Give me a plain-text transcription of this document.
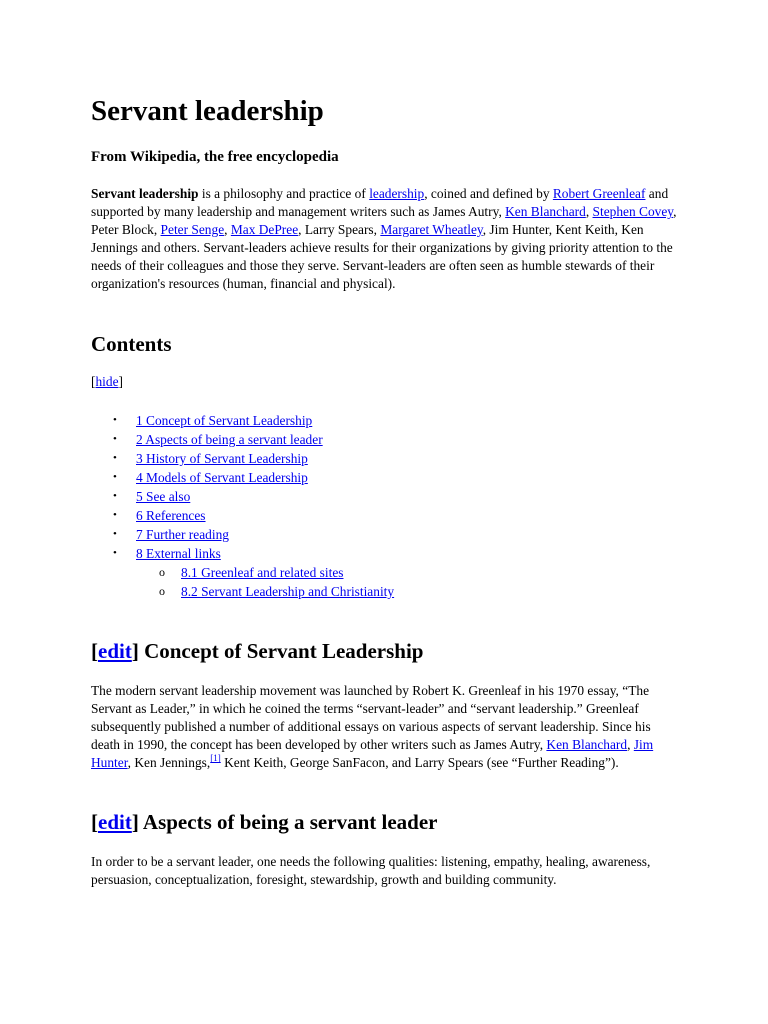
Servant leadership

From Wikipedia, the free encyclopedia

Servant leadership is a philosophy and practice of leadership, coined and defined by Robert Greenleaf and supported by many leadership and management writers such as James Autry, Ken Blanchard, Stephen Covey, Peter Block, Peter Senge, Max DePree, Larry Spears, Margaret Wheatley, Jim Hunter, Kent Keith, Ken Jennings and others. Servant-leaders achieve results for their organizations by giving priority attention to the needs of their colleagues and those they serve. Servant-leaders are often seen as humble stewards of their organization's resources (human, financial and physical).

Contents
[hide]
• 1 Concept of Servant Leadership
• 2 Aspects of being a servant leader
• 3 History of Servant Leadership
• 4 Models of Servant Leadership
• 5 See also
• 6 References
• 7 Further reading
• 8 External links
o 8.1 Greenleaf and related sites
o 8.2 Servant Leadership and Christianity
[edit] Concept of Servant Leadership

The modern servant leadership movement was launched by Robert K. Greenleaf in his 1970 essay, “The Servant as Leader,” in which he coined the terms “servant-leader” and “servant leadership.” Greenleaf subsequently published a number of additional essays on various aspects of servant leadership. Since his death in 1990, the concept has been developed by other writers such as James Autry, Ken Blanchard, Jim Hunter, Ken Jennings,[1] Kent Keith, George SanFacon, and Larry Spears (see “Further Reading”).

[edit] Aspects of being a servant leader

In order to be a servant leader, one needs the following qualities: listening, empathy, healing, awareness, persuasion, conceptualization, foresight, stewardship, growth and building community.
